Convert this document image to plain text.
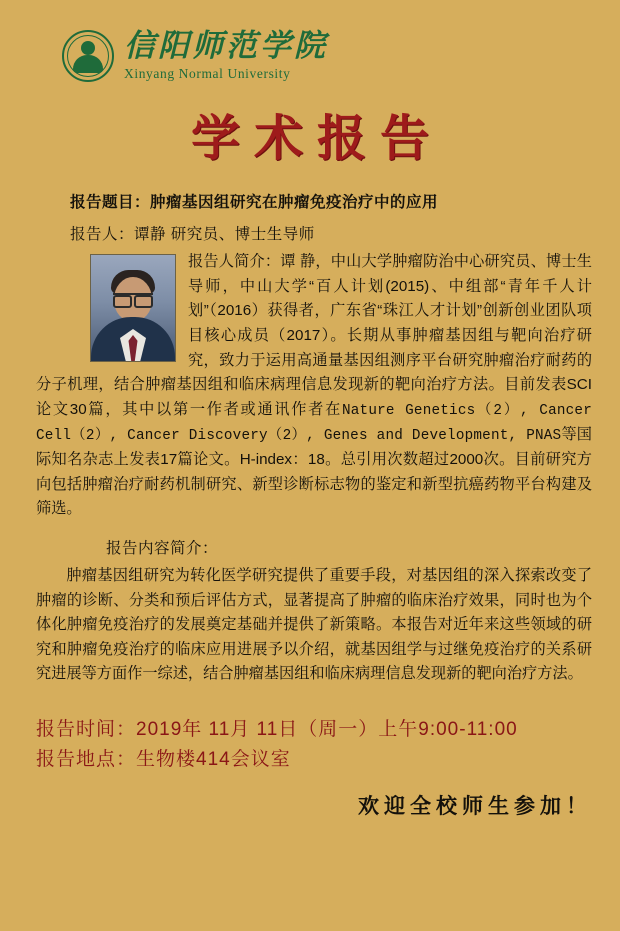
信阳师范学院
Xinyang Normal University
学术报告
报告题目：肿瘤基因组研究在肿瘤免疫治疗中的应用
报告人：谭静 研究员、博士生导师
报告人简介：谭 静，中山大学肿瘤防治中心研究员、博士生导师，中山大学“百人计划(2015)、中组部“青年千人计划”（2016）获得者，广东省“珠江人才计划”创新创业团队项目核心成员（2017）。长期从事肿瘤基因组与靶向治疗研究，致力于运用高通量基因组测序平台研究肿瘤治疗耐药的分子机理，结合肿瘤基因组和临床病理信息发现新的靶向治疗方法。目前发表SCI论文30篇，其中以第一作者或通讯作者在Nature Genetics（2）, Cancer Cell（2）, Cancer Discovery（2）, Genes and Development, PNAS等国际知名杂志上发表17篇论文。H-index：18。总引用次数超过2000次。目前研究方向包括肿瘤治疗耐药机制研究、新型诊断标志物的鉴定和新型抗癌药物平台构建及筛选。
报告内容简介：

肿瘤基因组研究为转化医学研究提供了重要手段，对基因组的深入探索改变了肿瘤的诊断、分类和预后评估方式，显著提高了肿瘤的临床治疗效果，同时也为个体化肿瘤免疫治疗的发展奠定基础并提供了新策略。本报告对近年来这些领域的研究和肿瘤免疫治疗的临床应用进展予以介绍，就基因组学与过继免疫治疗的关系研究进展等方面作一综述，结合肿瘤基因组和临床病理信息发现新的靶向治疗方法。

报告时间：2019年 11月 11日（周一）上午9:00-11:00
报告地点：生物楼414会议室
欢迎全校师生参加！
